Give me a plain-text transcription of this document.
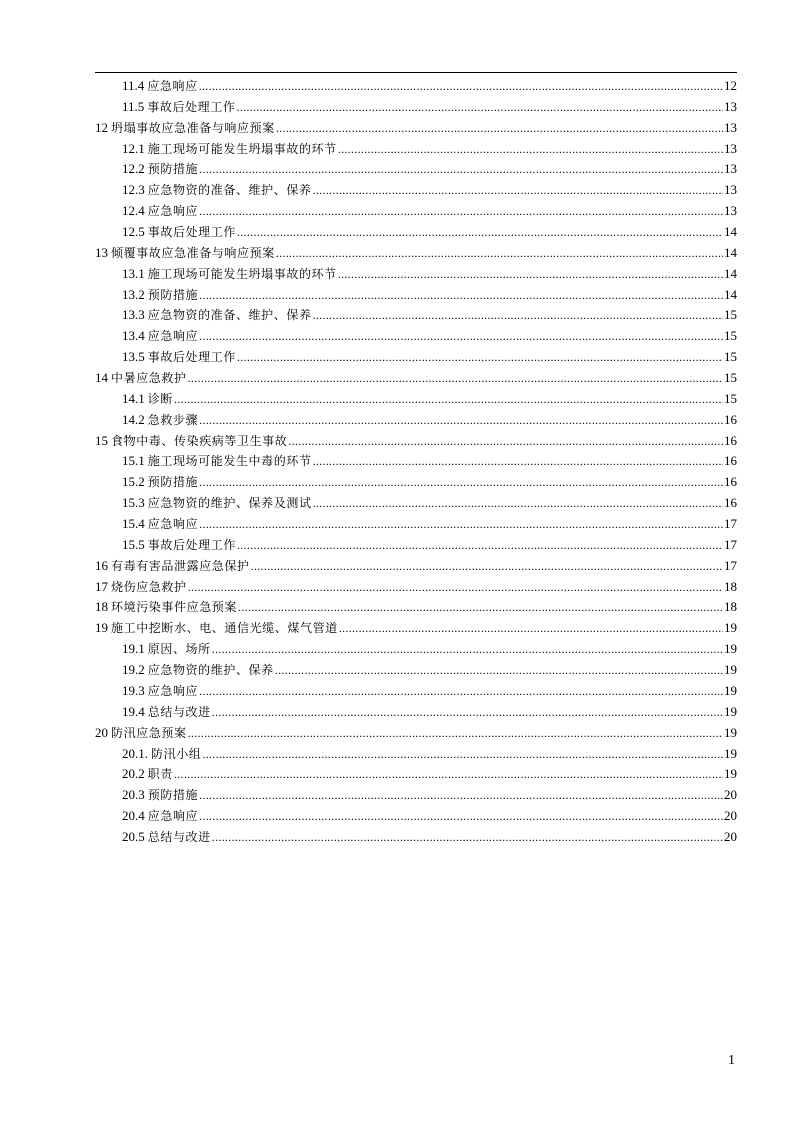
11.4 应急响应 .....	12
11.5 事故后处理工作 .....	13
12 坍塌事故应急准备与响应预案 .....	13
12.1 施工现场可能发生坍塌事故的环节 .....	13
12.2 预防措施 .....	13
12.3 应急物资的准备、维护、保养 .....	13
12.4 应急响应 .....	13
12.5 事故后处理工作 .....	14
13 倾覆事故应急准备与响应预案 .....	14
13.1 施工现场可能发生坍塌事故的环节 .....	14
13.2 预防措施 .....	14
13.3 应急物资的准备、维护、保养 .....	15
13.4 应急响应 .....	15
13.5 事故后处理工作 .....	15
14 中暑应急救护 .....	15
14.1 诊断 .....	15
14.2 急救步骤 .....	16
15 食物中毒、传染疾病等卫生事故 .....	16
15.1 施工现场可能发生中毒的环节 .....	16
15.2 预防措施 .....	16
15.3 应急物资的维护、保养及测试 .....	16
15.4 应急响应 .....	17
15.5 事故后处理工作 .....	17
16 有毒有害品泄露应急保护 .....	17
17 烧伤应急救护 .....	18
18 环境污染事件应急预案 .....	18
19 施工中挖断水、电、通信光缆、煤气管道 .....	19
19.1 原因、场所 .....	19
19.2 应急物资的维护、保养 .....	19
19.3 应急响应 .....	19
19.4 总结与改进 .....	19
20 防汛应急预案 .....	19
20.1. 防汛小组 .....	19
20.2 职责 .....	19
20.3 预防措施 .....	20
20.4 应急响应 .....	20
20.5 总结与改进 .....	20
1
